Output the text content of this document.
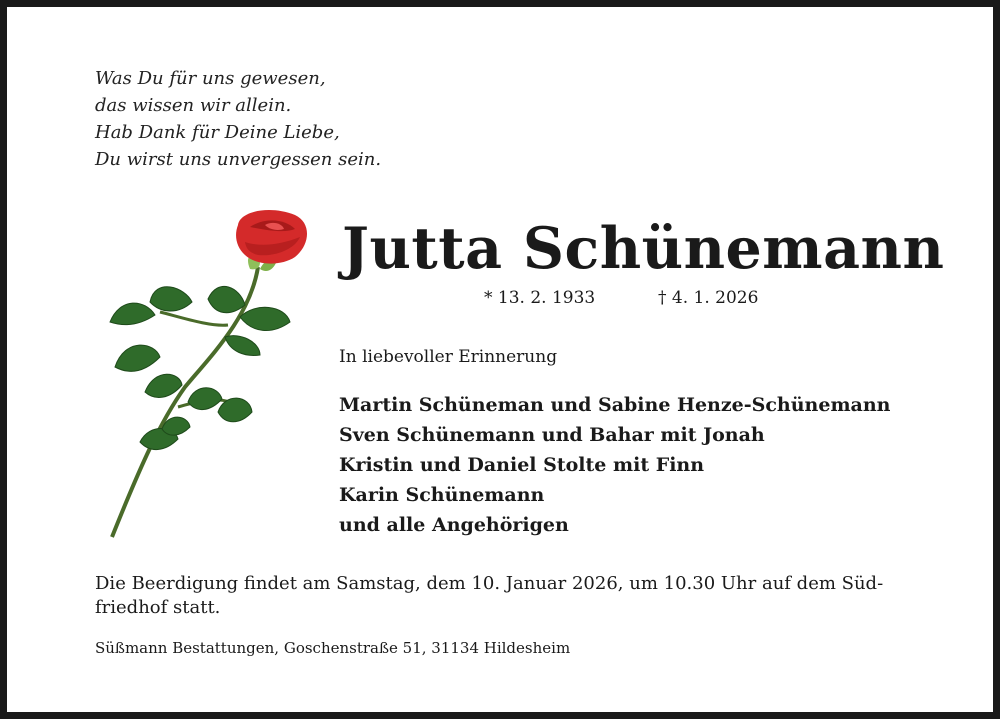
Was Du für uns gewesen,
das wissen wir allein.
Hab Dank für Deine Liebe,
Du wirst uns unvergessen sein.
Jutta Schünemann
* 13. 2. 1933	† 4. 1. 2026
In liebevoller Erinnerung
Martin Schüneman und Sabine Henze-Schünemann
Sven Schünemann und Bahar mit Jonah
Kristin und Daniel Stolte mit Finn
Karin Schünemann
und alle Angehörigen
Die Beerdigung findet am Samstag, dem 10. Januar 2026, um 10.30 Uhr auf dem Süd-
friedhof statt.
Süßmann Bestattungen, Goschenstraße 51, 31134 Hildesheim
